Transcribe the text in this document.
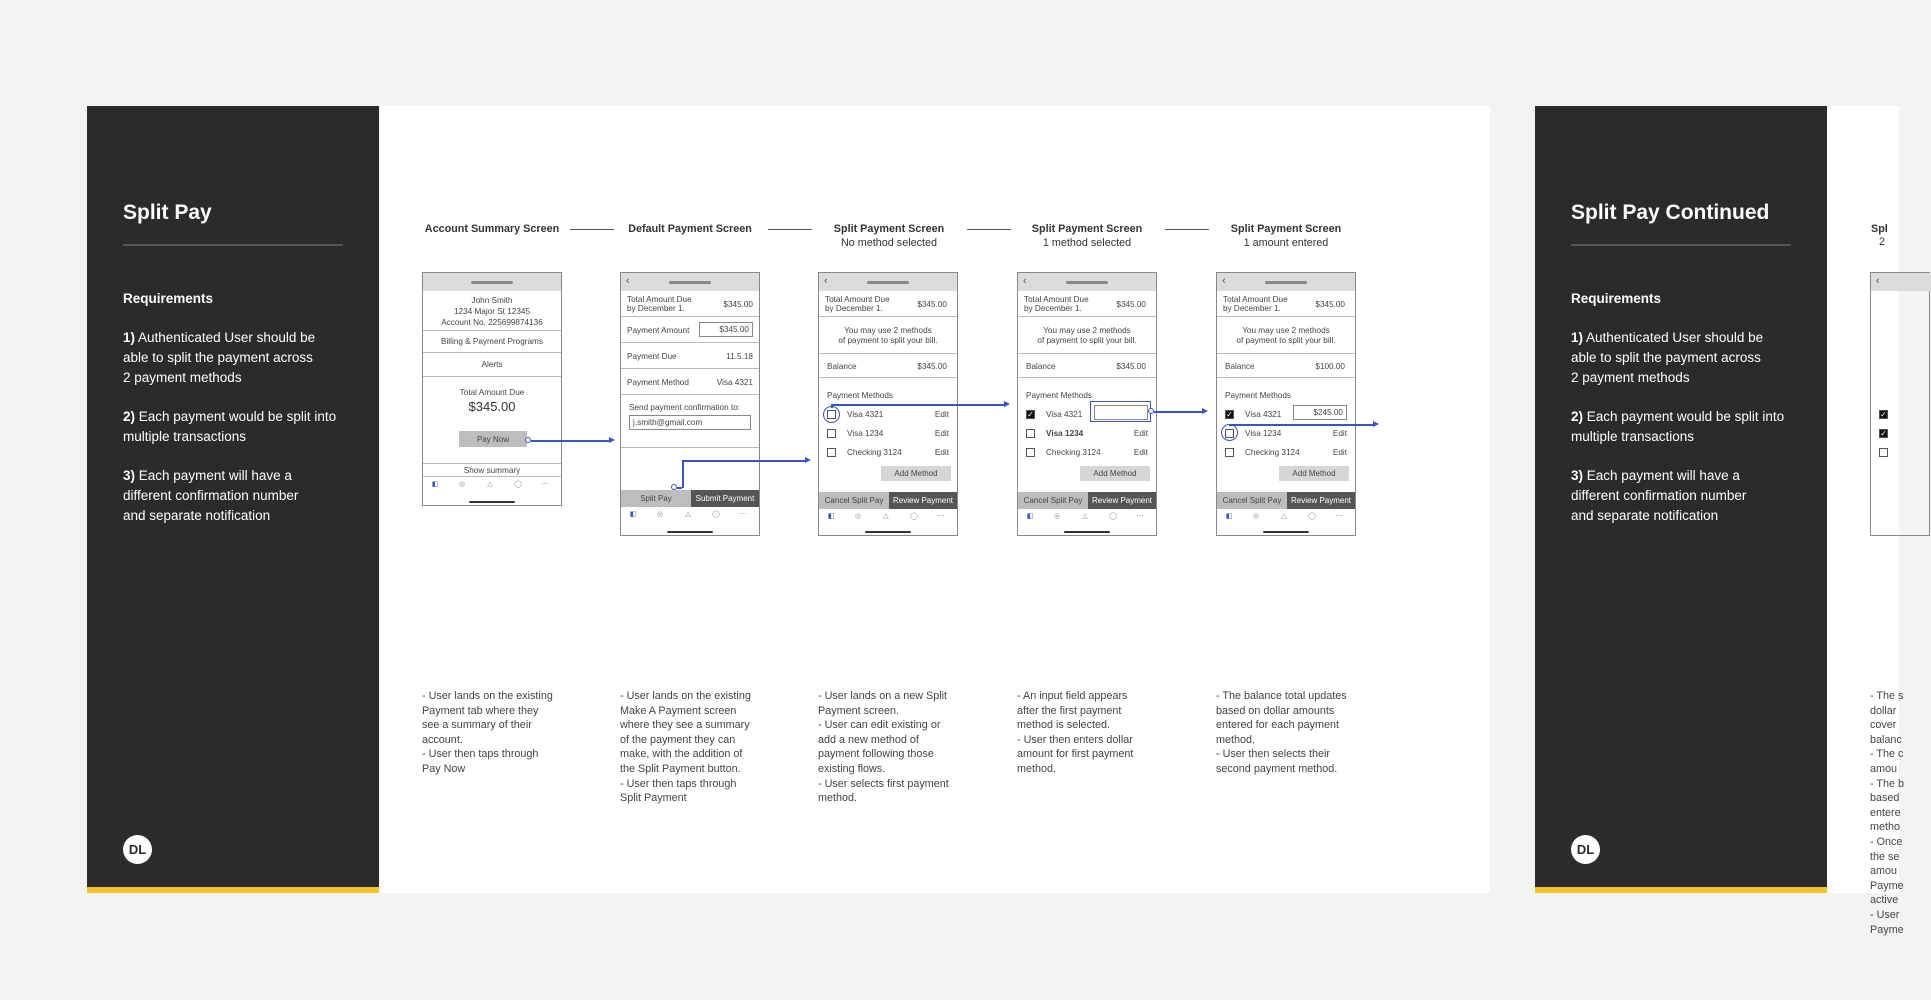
Split Pay
Requirements
1) Authenticated User should be
able to split the payment across
2 payment methods
2) Each payment would be split into
multiple transactions
3) Each payment will have a
different confirmation number
and separate notification
DL
Account Summary Screen	Default Payment Screen	Split Payment Screen
No method selected
Split Payment Screen
1 method selected
Split Payment Screen
1 amount entered
John Smith
1234 Major St 12345
Account No. 225699874136
Billing & Payment Programs
Alerts
Total Amount Due
$345.00
Pay Now
Show summary
◧	◎	△	◯	⋯
‹
Total Amount Due
by December 1.	$345.00
Payment Amount	$345.00
Payment Due	11.5.18
Payment Method	Visa 4321
Send payment confirmation to:
j.smith@gmail.com
Split Pay	Submit Payment
◧	◎	△	◯	⋯
‹
Total Amount Due
by December 1.	$345.00
You may use 2 methods
of payment to split your bill.
Balance	$345.00
Payment Methods
Visa 4321	Edit
Visa 1234	Edit
Checking 3124	Edit
Add Method
Cancel Split Pay	Review Payment
◧	◎	△	◯	⋯
‹
Total Amount Due
by December 1.	$345.00
You may use 2 methods
of payment to split your bill.
Balance	$345.00
Payment Methods
✓ Visa 4321
Visa 1234	Edit
Checking 3124	Edit
Add Method
Cancel Split Pay	Review Payment
◧	◎	△	◯	⋯
‹
Total Amount Due
by December 1.	$345.00
You may use 2 methods
of payment to split your bill.
Balance	$100.00
Payment Methods
✓ Visa 4321	$245.00
Visa 1234	Edit
Checking 3124	Edit
Add Method
Cancel Split Pay	Review Payment
◧	◎	△	◯	⋯
- User lands on the existing
Payment tab where they
see a summary of their
account.
- User then taps through
Pay Now
- User lands on the existing
Make A Payment screen
where they see a summary
of the payment they can
make, with the addition of
the Split Payment button.
- User then taps through
Split Payment
- User lands on a new Split
Payment screen.
- User can edit existing or
add a new method of
payment following those
existing flows.
- User selects first payment
method.
- An input field appears
after the first payment
method is selected.
- User then enters dollar
amount for first payment
method.
- The balance total updates
based on dollar amounts
entered for each payment
method.
- User then selects their
second payment method.
Split Pay Continued
Requirements
1) Authenticated User should be
able to split the payment across
2 payment methods
2) Each payment would be split into
multiple transactions
3) Each payment will have a
different confirmation number
and separate notification
DL
Spl
2
‹
✓
✓
- The s
dollar
cover
balanc
- The c
amou
- The b
based
entere
metho
- Once
the se
amou
Payme
active
- User
Payme
